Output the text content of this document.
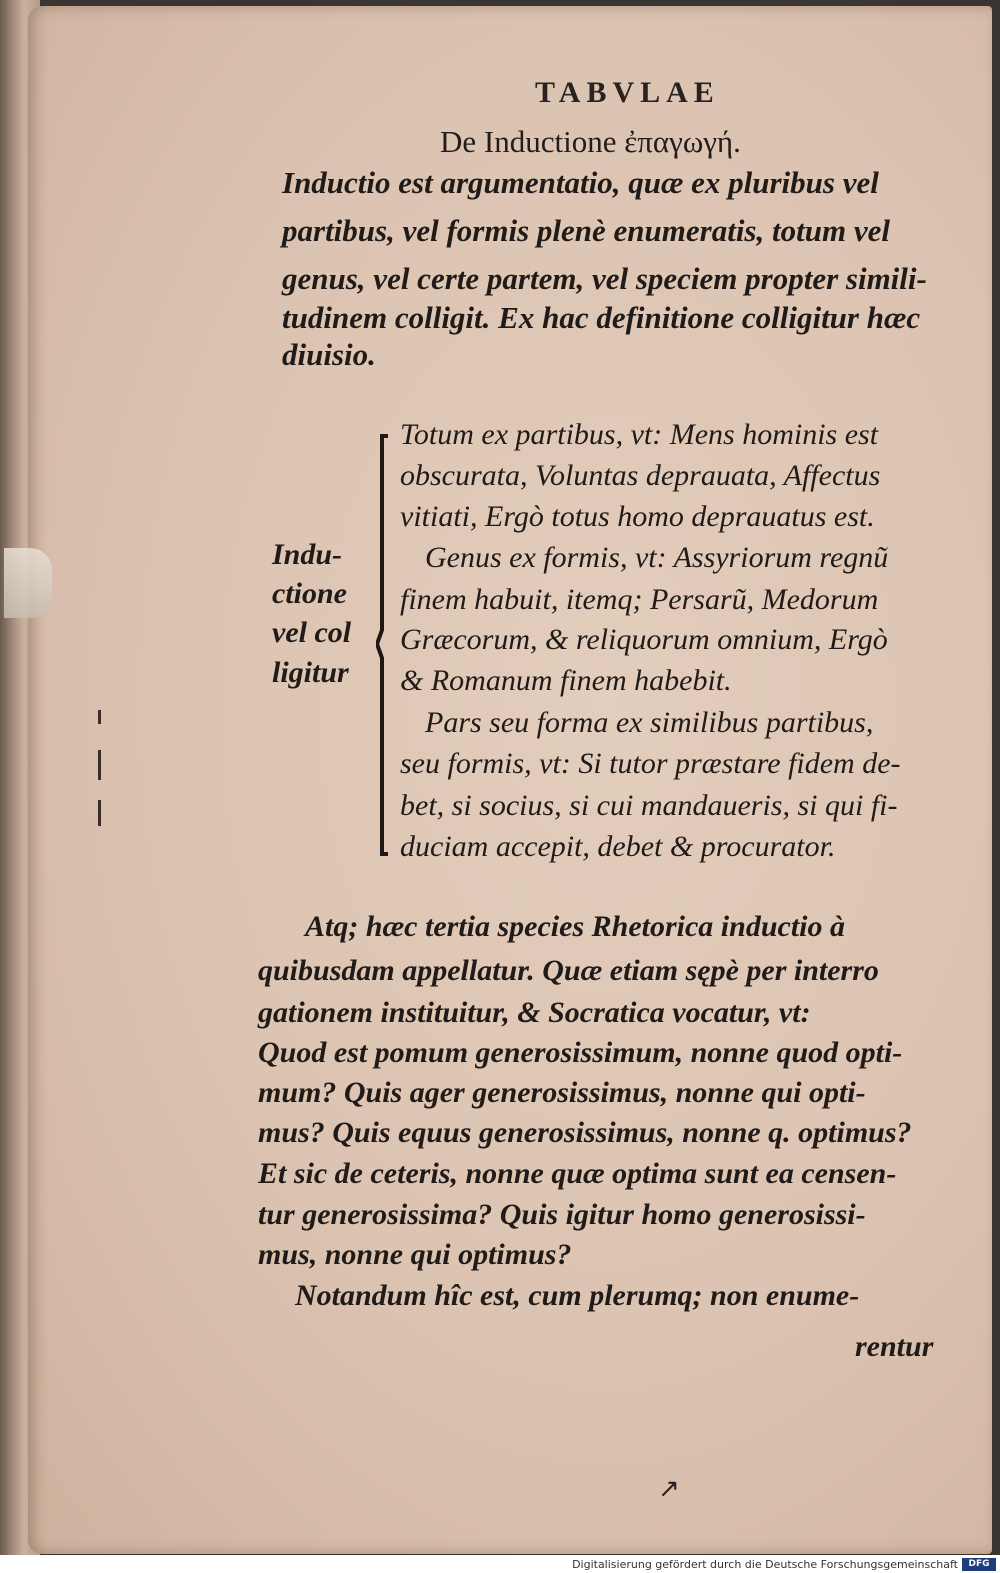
TABVLAE
De Inductione ἐπαγωγή.
Inductio est argumentatio, quæ ex pluribus vel
partibus, vel formis plenè enumeratis, totum vel
genus, vel certe partem, vel speciem propter simili-
tudinem colligit. Ex hac definitione colligitur hæc
diuisio.
Indu-
ctione
vel col
ligitur
Totum ex partibus, vt: Mens hominis est
obscurata, Voluntas deprauata, Affectus
vitiati, Ergò totus homo deprauatus est.
Genus ex formis, vt: Assyriorum regnũ
finem habuit, itemq; Persarũ, Medorum
Græcorum, & reliquorum omnium, Ergò
& Romanum finem habebit.
Pars seu forma ex similibus partibus,
seu formis, vt: Si tutor præstare fidem de-
bet, si socius, si cui mandaueris, si qui fi-
duciam accepit, debet & procurator.
Atq; hæc tertia species Rhetorica inductio à
quibusdam appellatur. Quæ etiam sępè per interro
gationem instituitur, & Socratica vocatur, vt:
Quod est pomum generosissimum, nonne quod opti-
mum? Quis ager generosissimus, nonne qui opti-
mus? Quis equus generosissimus, nonne q. optimus?
Et sic de ceteris, nonne quæ optima sunt ea censen-
tur generosissima? Quis igitur homo generosissi-
mus, nonne qui optimus?
Notandum hîc est, cum plerumq; non enume-
rentur
↗
Digitalisierung gefördert durch die Deutsche Forschungsgemeinschaft	DFG
